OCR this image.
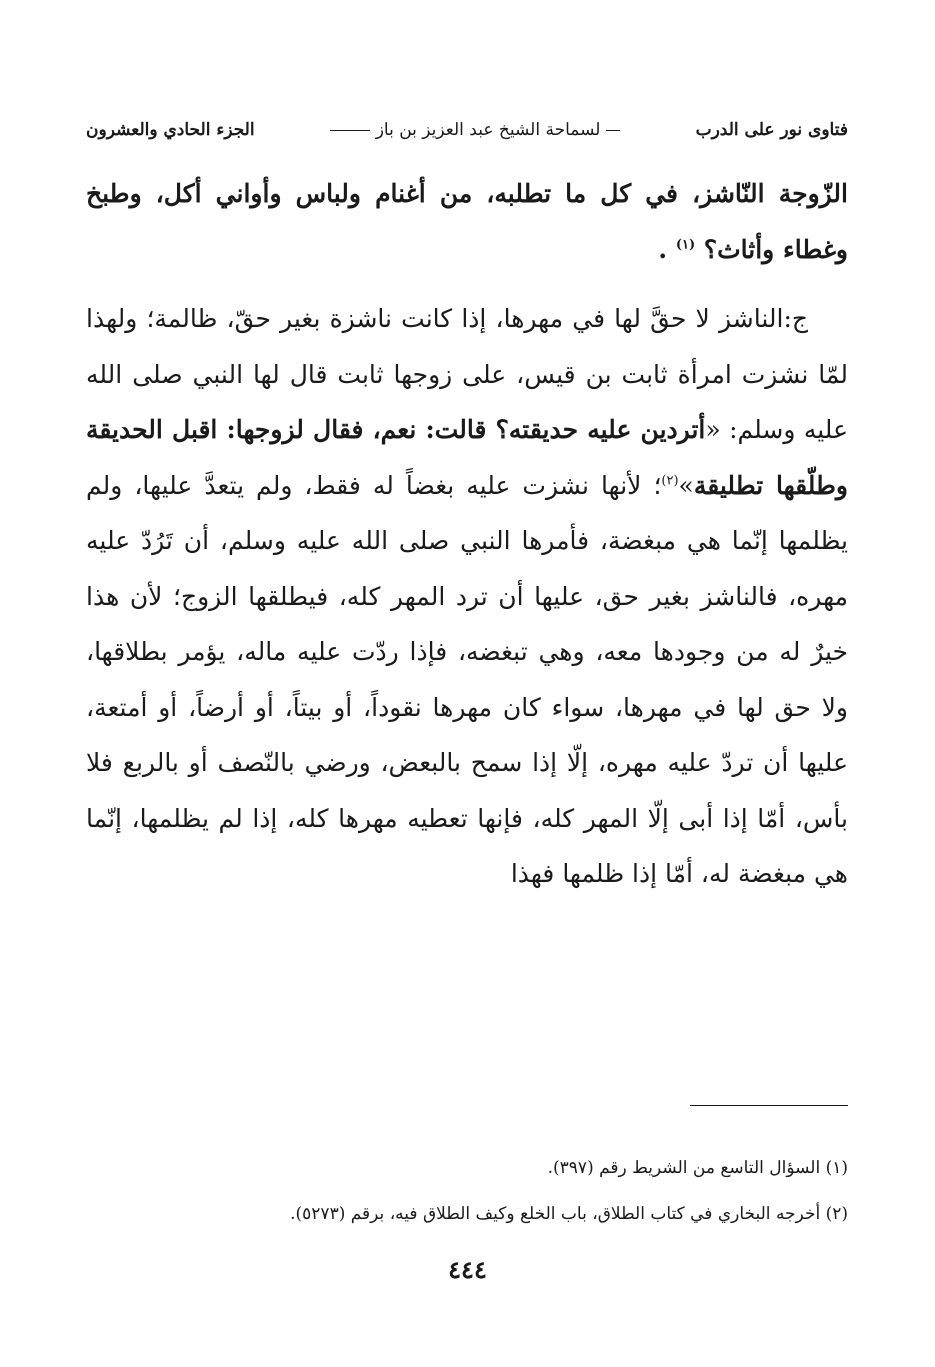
فتاوى نور على الدرب
لسماحة الشيخ عبد العزيز بن باز
الجزء الحادي والعشرون

الزّوجة النّاشز، في كل ما تطلبه، من أغنام ولباس وأواني أكل، وطبخ وغطاء وأثاث؟ $^{(١)}$ .

ج:الناشز لا حقَّ لها في مهرها، إذا كانت ناشزة بغير حقّ، ظالمة؛ ولهذا لمّا نشزت امرأة ثابت بن قيس، على زوجها ثابت قال لها النبي صلى الله عليه وسلم: «أتردين عليه حديقته؟ قالت: نعم، فقال لزوجها: اقبل الحديقة وطلّقها تطليقة»$^{(٢)}$؛ لأنها نشزت عليه بغضاً له فقط، ولم يتعدَّ عليها، ولم يظلمها إنّما هي مبغضة، فأمرها النبي صلى الله عليه وسلم، أن تَرُدّ عليه مهره، فالناشز بغير حق، عليها أن ترد المهر كله، فيطلقها الزوج؛ لأن هذا خيرٌ له من وجودها معه، وهي تبغضه، فإذا ردّت عليه ماله، يؤمر بطلاقها، ولا حق لها في مهرها، سواء كان مهرها نقوداً، أو بيتاً، أو أرضاً، أو أمتعة، عليها أن تردّ عليه مهره، إلّا إذا سمح بالبعض، ورضي بالنّصف أو بالربع فلا بأس، أمّا إذا أبى إلّا المهر كله، فإنها تعطيه مهرها كله، إذا لم يظلمها، إنّما هي مبغضة له، أمّا إذا ظلمها فهذا

(١) السؤال التاسع من الشريط رقم (٣٩٧).
(٢) أخرجه البخاري في كتاب الطلاق، باب الخلع وكيف الطلاق فيه، برقم (٥٢٧٣).
٤٤٤
